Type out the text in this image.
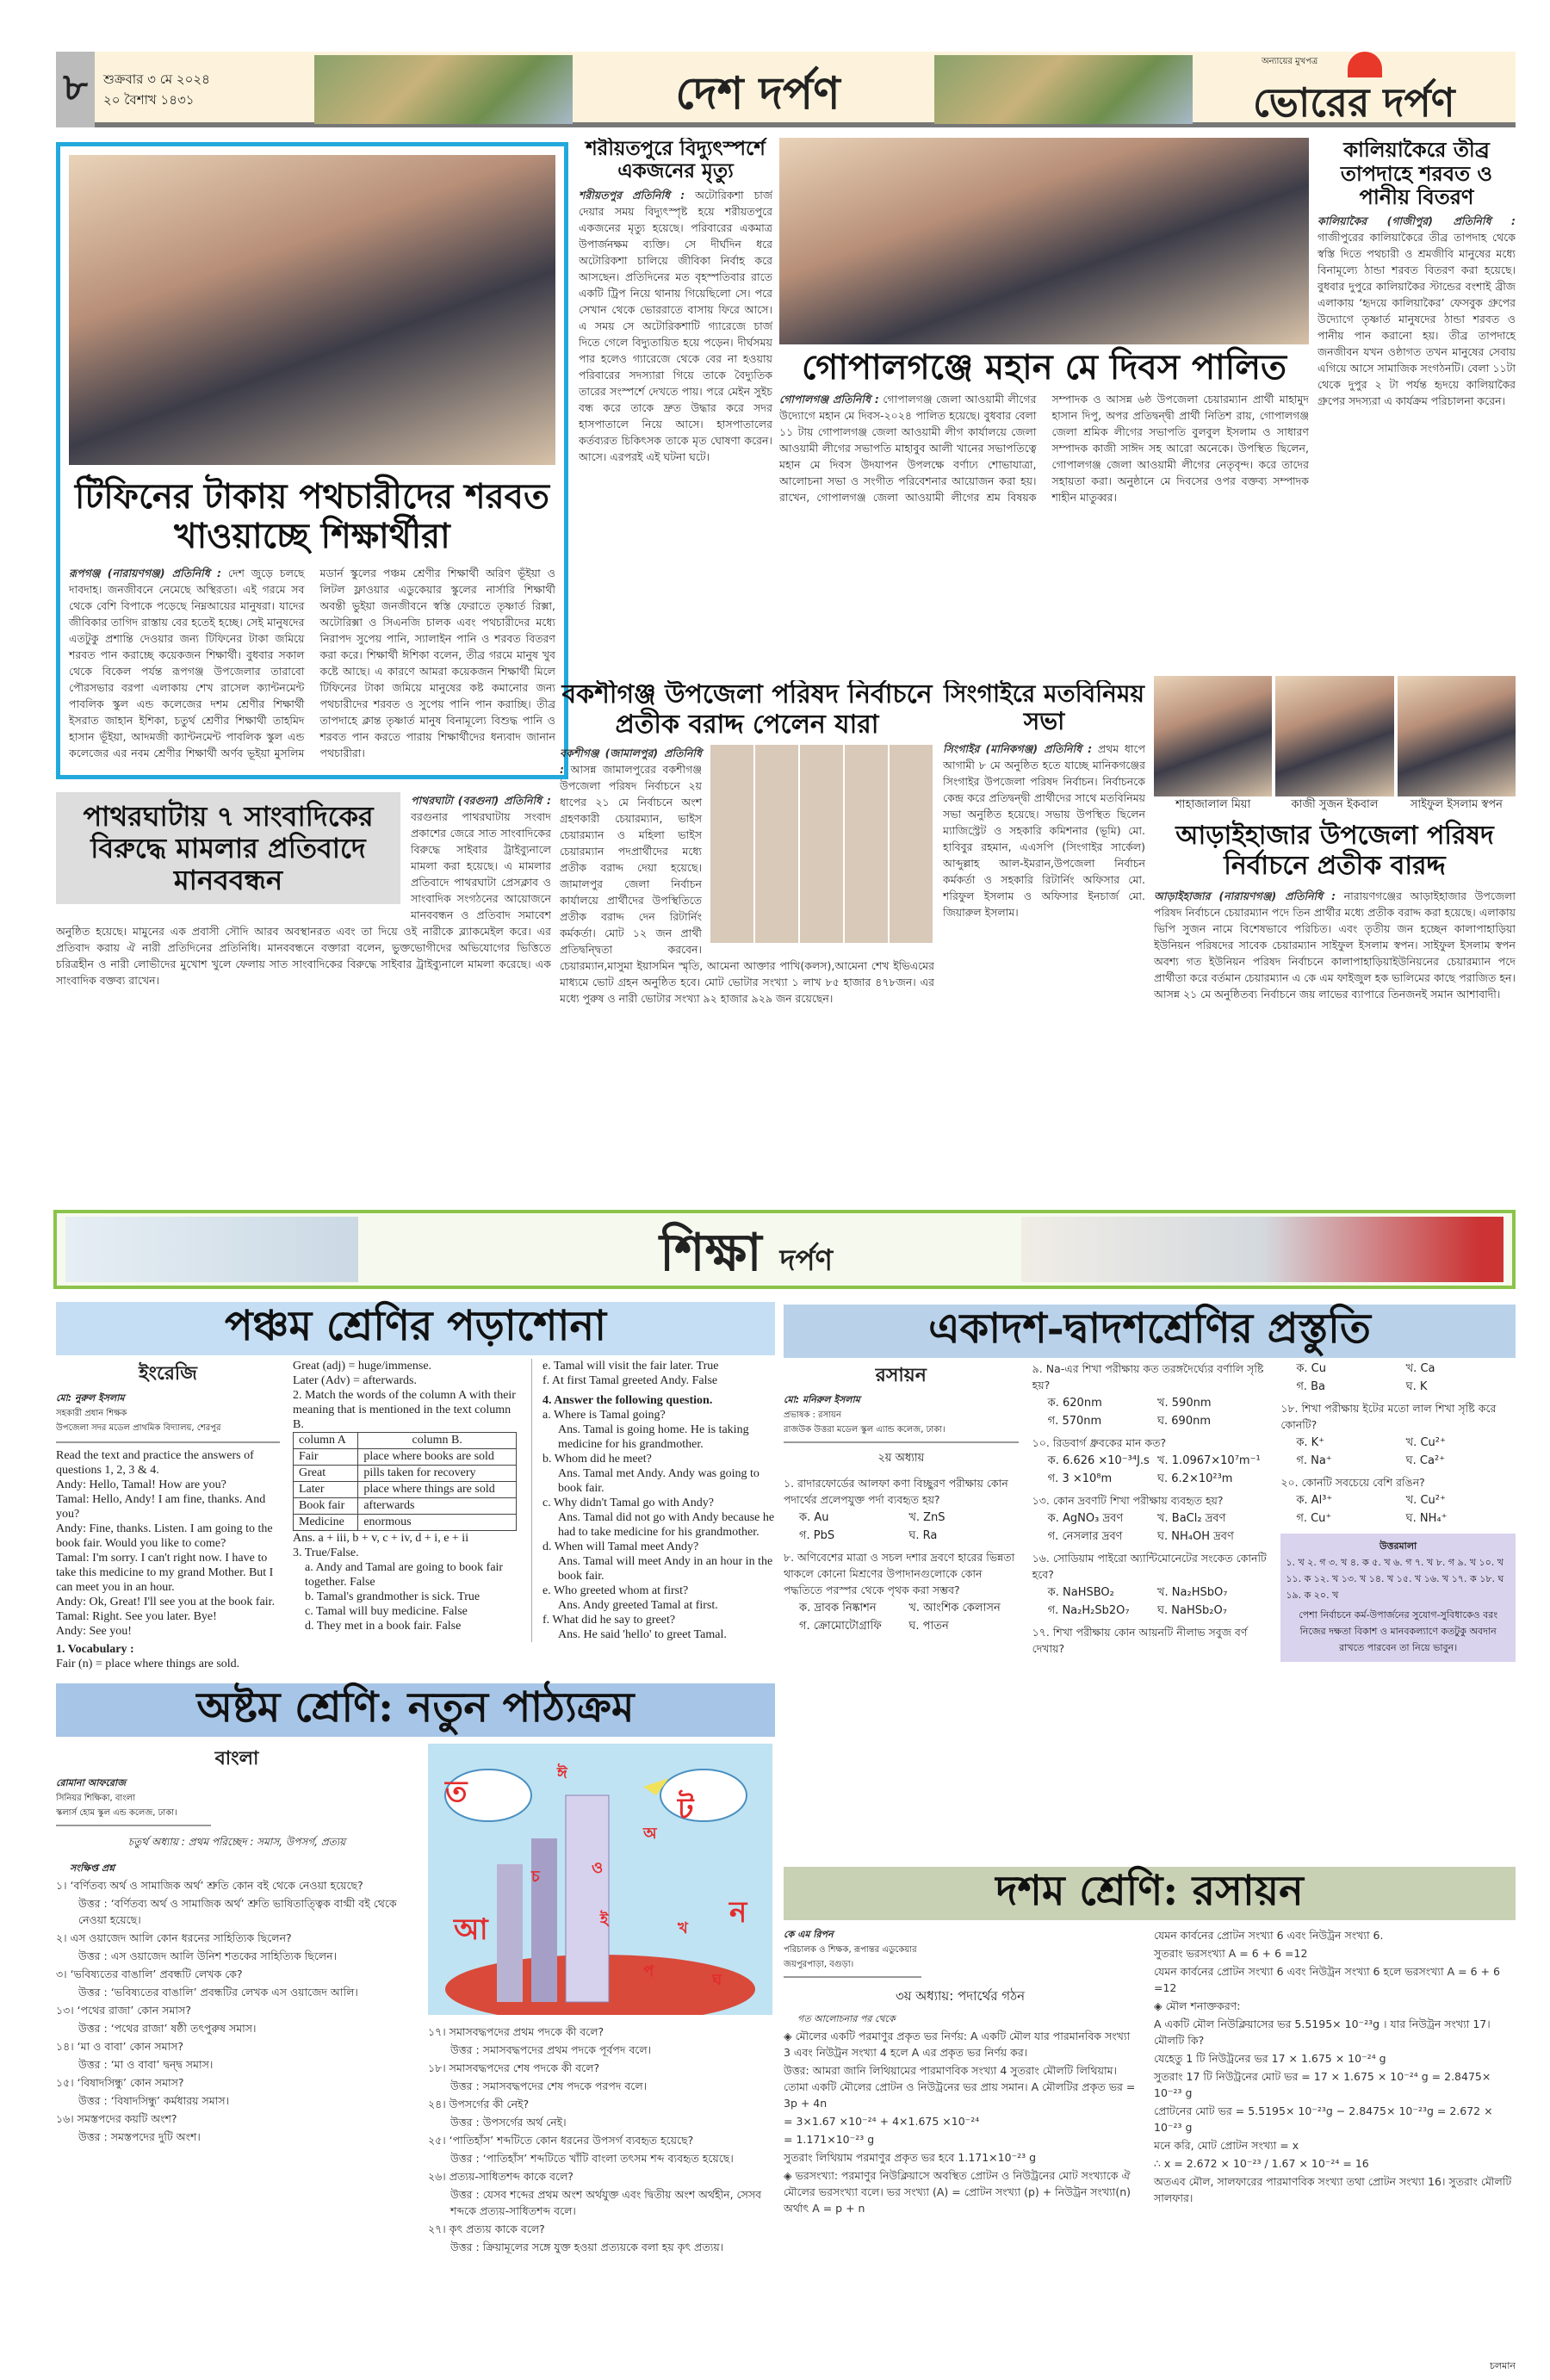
৮	শুক্রবার ৩ মে ২০২৪
২০ বৈশাখ ১৪৩১	দেশ দর্পণ
অন্যায়ের মুখপত্র
ভোরের দর্পণ
টিফিনের টাকায় পথচারীদের শরবত খাওয়াচ্ছে শিক্ষার্থীরা
রূপগঞ্জ (নারায়ণগঞ্জ) প্রতিনিধি : দেশ জুড়ে চলছে দাবদাহ। জনজীবনে নেমেছে অস্থিরতা। এই গরমে সব থেকে বেশি বিপাকে পড়েছে নিম্নআয়ের মানুষরা। যাদের জীবিকার তাগিদ রাস্তায় বের হতেই হচ্ছে। সেই মানুষদের এতটুকু প্রশান্তি দেওয়ার জন্য টিফিনের টাকা জমিয়ে শরবত পান করাচ্ছে কয়েকজন শিক্ষার্থী। বুধবার সকাল থেকে বিকেল পর্যন্ত রূপগঞ্জ উপজেলার তারাবো পৌরসভার বরপা এলাকায় শেখ রাসেল ক্যান্টনমেন্ট পাবলিক স্কুল এন্ড কলেজের দশম শ্রেণীর শিক্ষার্থী ইসরাত জাহান ইশিকা, চতুর্থ শ্রেণীর শিক্ষার্থী তাহমিদ হাসান ভূঁইয়া, আদমজী ক্যান্টনমেন্ট পাবলিক স্কুল এন্ড কলেজের এর নবম শ্রেণীর শিক্ষার্থী অর্ণব ভূইয়া মুসলিম মডার্ন স্কুলের পঞ্চম শ্রেণীর শিক্ষার্থী অরিণ ভূঁইয়া ও লিটল ফ্লাওয়ার এডুকেয়ার স্কুলের নার্সারি শিক্ষার্থী অবন্তী ভুইয়া জনজীবনে স্বস্তি ফেরাতে তৃষ্ণার্ত রিক্সা, অটোরিক্সা ও সিএনজি চালক এবং পথচারীদের মধ্যে নিরাপদ সুপেয় পানি, স্যালাইন পানি ও শরবত বিতরণ করা করে। শিক্ষার্থী ঈশিকা বলেন, তীব্র গরমে মানুষ খুব কষ্টে আছে। এ কারণে আমরা কয়েকজন শিক্ষার্থী মিলে টিফিনের টাকা জমিয়ে মানুষের কষ্ট কমানোর জন্য পথচারীদের শরবত ও সুপেয় পানি পান করাচ্ছি। তীব্র তাপদাহে ক্লান্ত তৃষ্ণার্ত মানুষ বিনামূল্যে বিশুদ্ধ পানি ও শরবত পান করতে পারায় শিক্ষার্থীদের ধন্যবাদ জানান পথচারীরা।
শরীয়তপুরে বিদ্যুৎস্পর্শে একজনের মৃত্যু
শরীয়তপুর প্রতিনিধি : অটোরিকশা চার্জ দেয়ার সময় বিদ্যুৎস্পৃষ্ট হয়ে শরীয়তপুরে একজনের মৃত্যু হয়েছে। পরিবারের একমাত্র উপার্জনক্ষম ব্যক্তি। সে দীর্ঘদিন ধরে অটোরিকশা চালিয়ে জীবিকা নির্বাহ করে আসছেন। প্রতিদিনের মত বৃহস্পতিবার রাতে একটি ট্রিপ নিয়ে থানায় গিয়েছিলো সে। পরে সেখান থেকে ভোররাতে বাসায় ফিরে আসে। এ সময় সে অটোরিকশাটি গ্যারেজে চার্জ দিতে গেলে বিদ্যুতায়িত হয়ে পড়েন। দীর্ঘসময় পার হলেও গ্যারেজে থেকে বের না হওয়ায় পরিবারের সদস্যারা গিয়ে তাকে বৈদ্যুতিক তারের সংস্পর্শে দেখতে পায়। পরে মেইন সুইচ বন্ধ করে তাকে দ্রুত উদ্ধার করে সদর হাসপাতালে নিয়ে আসে। হাসপাতালের কর্তব্যরত চিকিৎসক তাকে মৃত ঘোষণা করেন। আসে। এরপরই এই ঘটনা ঘটে।
গোপালগঞ্জে মহান মে দিবস পালিত
গোপালগঞ্জ প্রতিনিধি : গোপালগঞ্জ জেলা আওয়ামী লীগের উদ্যোগে মহান মে দিবস-২০২৪ পালিত হয়েছে। বুধবার বেলা ১১ টায় গোপালগঞ্জ জেলা আওয়ামী লীগ কার্যালয়ে জেলা আওয়ামী লীগের সভাপতি মাহাবুব আলী খানের সভাপতিত্বে মহান মে দিবস উদযাপন উপলক্ষে বর্ণাঢ্য শোভাযাত্রা, আলোচনা সভা ও সংগীত পরিবেশনার আয়োজন করা হয়। রাখেন, গোপালগঞ্জ জেলা আওয়ামী লীগের শ্রম বিষয়ক সম্পাদক ও আসন্ন ৬ষ্ঠ উপজেলা চেয়ারম্যান প্রার্থী মাহামুদ হাসান দিপু, অপর প্রতিদ্বন্দ্বী প্রার্থী নিতিশ রায়, গোপালগঞ্জ জেলা শ্রমিক লীগের সভাপতি বুলবুল ইসলাম ও সাধারণ সম্পাদক কাজী সাঈদ সহ আরো অনেকে। উপস্থিত ছিলেন, গোপালগঞ্জ জেলা আওয়ামী লীগের নেতৃবৃন্দ। করে তাদের সহায়তা করা। অনুষ্ঠানে মে দিবসের ওপর বক্তব্য সম্পাদক শাহীন মাতুব্বর।
কালিয়াকৈরে তীব্র তাপদাহে শরবত ও পানীয় বিতরণ
কালিয়াকৈর (গাজীপুর) প্রতিনিধি : গাজীপুরের কালিয়াকৈরে তীব্র তাপদাহ থেকে স্বস্তি দিতে পথচারী ও শ্রমজীবি মানুষের মধ্যে বিনামূল্যে ঠান্ডা শরবত বিতরণ করা হয়েছে। বুধবার দুপুরে কালিয়াকৈর স্টান্ডের বংশাই ব্রীজ এলাকায় ‘হৃদয়ে কালিয়াকৈর’ ফেসবুক গ্রুপের উদ্যোগে তৃষ্ণার্ত মানুষদের ঠান্ডা শরবত ও পানীয় পান করানো হয়। তীব্র তাপদাহে জনজীবন যখন ওষ্ঠাগত তখন মানুষের সেবায় এগিয়ে আসে সামাজিক সংগঠনটি। বেলা ১১টা থেকে দুপুর ২ টা পর্যন্ত হৃদয়ে কালিয়াকৈর গ্রুপের সদস্যরা এ কার্যক্রম পরিচালনা করেন।
পাথরঘাটায় ৭ সাংবাদিকের বিরুদ্ধে মামলার প্রতিবাদে মানববন্ধন
পাথরঘাটা (বরগুনা) প্রতিনিধি : বরগুনার পাথরঘাটায় সংবাদ প্রকাশের জেরে সাত সাংবাদিকের বিরুদ্ধে সাইবার ট্রাইব্যুনালে মামলা করা হয়েছে। এ মামলার প্রতিবাদে পাথরঘাটা প্রেসক্লাব ও সাংবাদিক সংগঠনের আয়োজনে মানববন্ধন ও প্রতিবাদ সমাবেশ অনুষ্ঠিত হয়েছে। মামুনের এক প্রবাসী সৌদি আরব অবস্থানরত এবং তা দিয়ে ওই নারীকে ব্ল্যাকমেইল করে। এর প্রতিবাদ করায় ঐ নারী প্রতিদিনের প্রতিনিধি। মানববন্ধনে বক্তারা বলেন, ভুক্তভোগীদের অভিযোগের ভিত্তিতে চরিত্রহীন ও নারী লোভীদের মুখোশ খুলে ফেলায় সাত সাংবাদিকের বিরুদ্ধে সাইবার ট্রাইব্যুনালে মামলা করেছে। এক সাংবাদিক বক্তব্য রাখেন।
বকশীগঞ্জ উপজেলা পরিষদ নির্বাচনে প্রতীক বরাদ্দ পেলেন যারা
বকশীগঞ্জ (জামালপুর) প্রতিনিধি : আসন্ন জামালপুরের বকশীগঞ্জ উপজেলা পরিষদ নির্বাচনে ২য় ধাপের ২১ মে নির্বাচনে অংশ গ্রহণকারী চেয়ারম্যান, ভাইস চেয়ারম্যান ও মহিলা ভাইস চেয়ারম্যান পদপ্রার্থীদের মধ্যে প্রতীক বরাদ্দ দেয়া হয়েছে। জামালপুর জেলা নির্বাচন কার্যালয়ে প্রার্থীদের উপস্থিতিতে প্রতীক বরাদ্দ দেন রিটার্নিং কর্মকর্তা। মোট ১২ জন প্রার্থী প্রতিদ্বন্দ্বিতা করবেন। চেয়ারম্যান,মাসুমা ইয়াসমিন স্মৃতি, আমেনা আক্তার পাখি(কলস),আমেনা শেখ ইভিএমের মাধ্যমে ভোট গ্রহন অনুষ্ঠিত হবে। মোট ভোটার সংখ্যা ১ লাখ ৮৫ হাজার ৪৭৮জন। এর মধ্যে পুরুষ ও নারী ভোটার সংখ্যা ৯২ হাজার ৯২৯ জন রয়েছেন।
সিংগাইরে মতবিনিময় সভা
সিংগাইর (মানিকগঞ্জ) প্রতিনিধি : প্রথম ধাপে আগামী ৮ মে অনুষ্ঠিত হতে যাচ্ছে মানিকগঞ্জের সিংগাইর উপজেলা পরিষদ নির্বাচন। নির্বাচনকে কেন্দ্র করে প্রতিদ্বন্দ্বী প্রার্থীদের সাথে মতবিনিময় সভা অনুষ্ঠিত হয়েছে। সভায় উপস্থিত ছিলেন ম্যাজিস্ট্রেট ও সহকারি কমিশনার (ভূমি) মো. হাবিবুর রহমান, এএসপি (সিংগাইর সার্কেল) আব্দুল্লাহ আল-ইমরান,উপজেলা নির্বাচন কর্মকর্তা ও সহকারি রিটার্নিং অফিসার মো. শরিফুল ইসলাম ও অফিসার ইনচার্জ মো. জিয়ারুল ইসলাম।
শাহাজালাল মিয়া	কাজী সুজন ইকবাল	সাইফুল ইসলাম স্বপন
আড়াইহাজার উপজেলা পরিষদ নির্বাচনে প্রতীক বারদ্দ
আড়াইহাজার (নারায়ণগঞ্জ) প্রতিনিধি : নারায়ণগঞ্জের আড়াইহাজার উপজেলা পরিষদ নির্বাচনে চেয়ারম্যান পদে তিন প্রার্থীর মধ্যে প্রতীক বরাদ্দ করা হয়েছে। এলাকায় ভিপি সুজন নামে বিশেষভাবে পরিচিত। এবং তৃতীয় জন হচ্ছেন কালাপাহাড়িয়া ইউনিয়ন পরিষদের সাবেক চেয়ারম্যান সাইফুল ইসলাম স্বপন। সাইফুল ইসলাম স্বপন অবশ্য গত ইউনিয়ন পরিষদ নির্বাচনে কালাপাহাড়িয়াইউনিয়নের চেয়ারম্যান পদে প্রার্থীতা করে বর্তমান চেয়ারম্যান এ কে এম ফাইজুল হক ভালিমের কাছে পরাজিত হন। আসন্ন ২১ মে অনুষ্ঠিতব্য নির্বাচনে জয় লাভের ব্যাপারে তিনজনই সমান আশাবাদী।
শিক্ষা দর্পণ
পঞ্চম শ্রেণির পড়াশোনা
ইংরেজি
মো: নুরুল ইসলাম
সহকারী প্রধান শিক্ষক
উপজেলা সদর মডেল প্রাথমিক বিদ্যালয়, শেরপুর
Read the text and practice the answers of questions 1, 2, 3 & 4.
Andy: Hello, Tamal! How are you?
Tamal: Hello, Andy! I am fine, thanks. And you?
Andy: Fine, thanks. Listen. I am going to the book fair. Would you like to come?
Tamal: I'm sorry. I can't right now. I have to take this medicine to my grand Mother. But I can meet you in an hour.
Andy: Ok, Great! I'll see you at the book fair.
Tamal: Right. See you later. Bye!
Andy: See you!
1. Vocabulary :
Fair (n) = place where things are sold.
Great (adj) = huge/immense.
Later (Adv) = afterwards.
2. Match the words of the column A with their meaning that is mentioned in the text column B.
column A	column B.
Fair	place where books are sold
Great	pills taken for recovery
Later	place where things are sold
Book fair	afterwards
Medicine	enormous
Ans. a + iii, b + v, c + iv, d + i, e + ii
3. True/False.
a. Andy and Tamal are going to book fair together. False
b. Tamal's grandmother is sick. True
c. Tamal will buy medicine. False
d. They met in a book fair. False
e. Tamal will visit the fair later. True
f. At first Tamal greeted Andy. False
4. Answer the following question.
a. Where is Tamal going?
Ans. Tamal is going home. He is taking medicine for his grandmother.
b. Whom did he meet?
Ans. Tamal met Andy. Andy was going to book fair.
c. Why didn't Tamal go with Andy?
Ans. Tamal did not go with Andy because he had to take medicine for his grandmother.
d. When will Tamal meet Andy?
Ans. Tamal will meet Andy in an hour in the book fair.
e. Who greeted whom at first?
Ans. Andy greeted Tamal at first.
f. What did he say to greet?
Ans. He said 'hello' to greet Tamal.
একাদশ-দ্বাদশশ্রেণির প্রস্তুতি
রসায়ন
মো: মনিরুল ইসলাম
প্রভাষক : রসায়ন
রাজউক উত্তরা মডেল স্কুল এ্যান্ড কলেজ, ঢাকা।
২য় অধ্যায়
১. রাদারফোর্ডের আলফা কণা বিচ্ছুরণ পরীক্ষায় কোন পদার্থের প্রলেপযুক্ত পর্দা ব্যবহৃত হয়?
ক. Au	খ. ZnS
গ. PbS	ঘ. Ra
৮. অণিবেশের মাত্রা ও সচল দশার দ্রবণে হারের ভিন্নতা থাকলে কোনো মিশ্রণের উপাদানগুলোকে কোন পদ্ধতিতে পরস্পর থেকে পৃথক করা সম্ভব?
ক. দ্রাবক নিষ্কাশন	খ. আংশিক কেলাসন
গ. ক্রোমোটোগ্রাফি	ঘ. পাতন
৯. Na-এর শিখা পরীক্ষায় কত তরঙ্গদৈর্ঘ্যের বর্ণালি সৃষ্টি হয়?
ক. 620nm	খ. 590nm
গ. 570nm	ঘ. 690nm
১০. রিডবার্গ ধ্রুবকের মান কত?
ক. 6.626 ×10⁻³⁴J.s খ. 1.0967×10⁷m⁻¹
গ. 3 ×10⁸m	ঘ. 6.2×10²³m
১৩. কোন দ্রবণটি শিখা পরীক্ষায় ব্যবহৃত হয়?
ক. AgNO₃ দ্রবণ	খ. BaCl₂ দ্রবণ
গ. নেসলার দ্রবণ	ঘ. NH₄OH দ্রবণ
১৬. সোডিয়াম পাইরো অ্যান্টিমোনেটের সংকেত কোনটি হবে?
ক. NaHSBO₂	খ. Na₂HSbO₇
গ. Na₂H₂Sb2O₇	ঘ. NaHSb₂O₇
১৭. শিখা পরীক্ষায় কোন আয়নটি নীলাভ সবুজ বর্ণ দেখায়?
ক. Cu	খ. Ca
গ. Ba	ঘ. K
১৮. শিখা পরীক্ষায় ইটের মতো লাল শিখা সৃষ্টি করে কোনটি?
ক. K⁺	খ. Cu²⁺
গ. Na⁺	ঘ. Ca²⁺
২০. কোনটি সবচেয়ে বেশি রঙিন?
ক. Al³⁺	খ. Cu²⁺
গ. Cu⁺	ঘ. NH₄⁺
উত্তরমালা
১. খ ২. গ ৩. খ ৪. ক ৫. খ ৬. গ ৭. খ ৮. গ ৯. খ ১০. খ ১১. ক ১২. খ ১৩. খ ১৪. খ ১৫. খ ১৬. খ ১৭. ক ১৮. ঘ ১৯. ক ২০. খ
পেশা নির্বাচনে কর্ম-উপার্জনের সুযোগ-সুবিধাকেও বরং নিজের দক্ষতা বিকাশ ও মানবকল্যাণে কতটুকু অবদান রাখতে পারবেন তা নিয়ে ভাবুন।
অষ্টম শ্রেণি: নতুন পাঠ্যক্রম
বাংলা
রোমানা আফরোজ
সিনিয়র শিক্ষিকা, বাংলা
স্কলার্স হোম স্কুল এন্ড কলেজ, ঢাকা।
চতুর্থ অধ্যায় : প্রথম পরিচ্ছেদ : সমাস, উপসর্গ, প্রত্যয়
সংক্ষিপ্ত প্রশ্ন
১। ‘বর্ণিতব্য অর্থ ও সামাজিক অর্থ’ শ্রুতি কোন বই থেকে নেওয়া হয়েছে?
উত্তর : ‘বর্ণিতব্য অর্থ ও সামাজিক অর্থ’ শ্রুতি ভাষিতাত্ত্বিক বাগ্মী বই থেকে নেওয়া হয়েছে।
২। এস ওয়াজেদ আলি কোন ধরনের সাহিত্যিক ছিলেন?
উত্তর : এস ওয়াজেদ আলি উনিশ শতকের সাহিত্যিক ছিলেন।
৩। ‘ভবিষ্যতের বাঙালি’ প্রবন্ধটি লেখক কে?
উত্তর : ‘ভবিষ্যতের বাঙালি’ প্রবন্ধটির লেখক এস ওয়াজেদ আলি।
১৩। ‘পথের রাজা’ কোন সমাস?
উত্তর : ‘পথের রাজা’ ষষ্ঠী তৎপুরুষ সমাস।
১৪। ‘মা ও বাবা’ কোন সমাস?
উত্তর : ‘মা ও বাবা’ দ্বন্দ্ব সমাস।
১৫। ‘বিষাদসিন্ধু’ কোন সমাস?
উত্তর : ‘বিষাদসিন্ধু’ কর্মধারয় সমাস।
১৬। সমস্তপদের কয়টি অংশ?
উত্তর : সমস্তপদের দুটি অংশ।
ত
ঈ
অ
ট
চ	ও
আ	ই	খ ন
প	ঘ
১৭। সমাসবদ্ধপদের প্রথম পদকে কী বলে?
উত্তর : সমাসবদ্ধপদের প্রথম পদকে পূর্বপদ বলে।
১৮। সমাসবদ্ধপদের শেষ পদকে কী বলে?
উত্তর : সমাসবদ্ধপদের শেষ পদকে পরপদ বলে।
২৪। উপসর্গের কী নেই?
উত্তর : উপসর্গের অর্থ নেই।
২৫। ‘পাতিহাঁস’ শব্দটিতে কোন ধরনের উপসর্গ ব্যবহৃত হয়েছে?
উত্তর : ‘পাতিহাঁস’ শব্দটিতে খাঁটি বাংলা তৎসম শব্দ ব্যবহৃত হয়েছে।
২৬। প্রত্যয়-সাধিতশব্দ কাকে বলে?
উত্তর : যেসব শব্দের প্রথম অংশ অর্থযুক্ত এবং দ্বিতীয় অংশ অর্থহীন, সেসব শব্দকে প্রত্যয়-সাধিতশব্দ বলে।
২৭। কৃৎ প্রত্যয় কাকে বলে?
উত্তর : ক্রিয়ামূলের সঙ্গে যুক্ত হওয়া প্রত্যয়কে বলা হয় কৃৎ প্রত্যয়।
দশম শ্রেণি: রসায়ন
কে এম রিপন
পরিচালক ও শিক্ষক, রূপান্তর এডুকেয়ার
জয়পুরপাড়া, বগুড়া।
৩য় অধ্যায়: পদার্থের গঠন
গত আলোচনার পর থেকে
◈ মৌলের একটি পরমাণুর প্রকৃত ভর নির্ণয়: A একটি মৌল যার পারমানবিক সংখ্যা 3 এবং নিউট্রন সংখ্যা 4 হলে A এর প্রকৃত ভর নির্ণয় কর।
উত্তর: আমরা জানি লিথিয়ামের পারমাণবিক সংখ্যা 4 সুতরাং মৌলটি লিথিয়াম। তোমা একটি মৌলের প্রোটন ও নিউট্রনের ভর প্রায় সমান। A মৌলটির প্রকৃত ভর = 3p + 4n
= 3×1.67 ×10⁻²⁴ + 4×1.675 ×10⁻²⁴
= 1.171×10⁻²³ g
সুতরাং লিথিয়াম পরমাণুর প্রকৃত ভর হবে 1.171×10⁻²³ g
◈ ভরসংখ্যা: পরমাণুর নিউক্লিয়াসে অবস্থিত প্রোটন ও নিউট্রনের মোট সংখ্যাকে ঐ মৌলের ভরসংখ্যা বলে। ভর সংখ্যা (A) = প্রোটন সংখ্যা (p) + নিউট্রন সংখ্যা(n) অর্থাৎ A = p + n
যেমন কার্বনের প্রোটন সংখ্যা 6 এবং নিউট্রন সংখ্যা 6.
সুতরাং ভরসংখ্যা A = 6 + 6 =12
যেমন কার্বনের প্রোটন সংখ্যা 6 এবং নিউট্রন সংখ্যা 6 হলে ভরসংখ্যা A = 6 + 6 =12
◈ মৌল শনাক্তকরণ:
A একটি মৌল নিউক্লিয়াসের ভর 5.5195× 10⁻²³g । যার নিউট্রন সংখ্যা 17। মৌলটি কি?
যেহেতু 1 টি নিউট্রনের ভর 17 × 1.675 × 10⁻²⁴ g
সুতরাং 17 টি নিউট্রনের মোট ভর = 17 × 1.675 × 10⁻²⁴ g = 2.8475× 10⁻²³ g
প্রোটনের মোট ভর = 5.5195× 10⁻²³g − 2.8475× 10⁻²³g = 2.672 × 10⁻²³ g
মনে করি, মোট প্রোটন সংখ্যা = x
∴ x = 2.672 × 10⁻²³ / 1.67 × 10⁻²⁴ = 16
অতএব মৌল, সালফারের পারমাণবিক সংখ্যা তথা প্রোটন সংখ্যা 16। সুতরাং মৌলটি সালফার।
চলমান
